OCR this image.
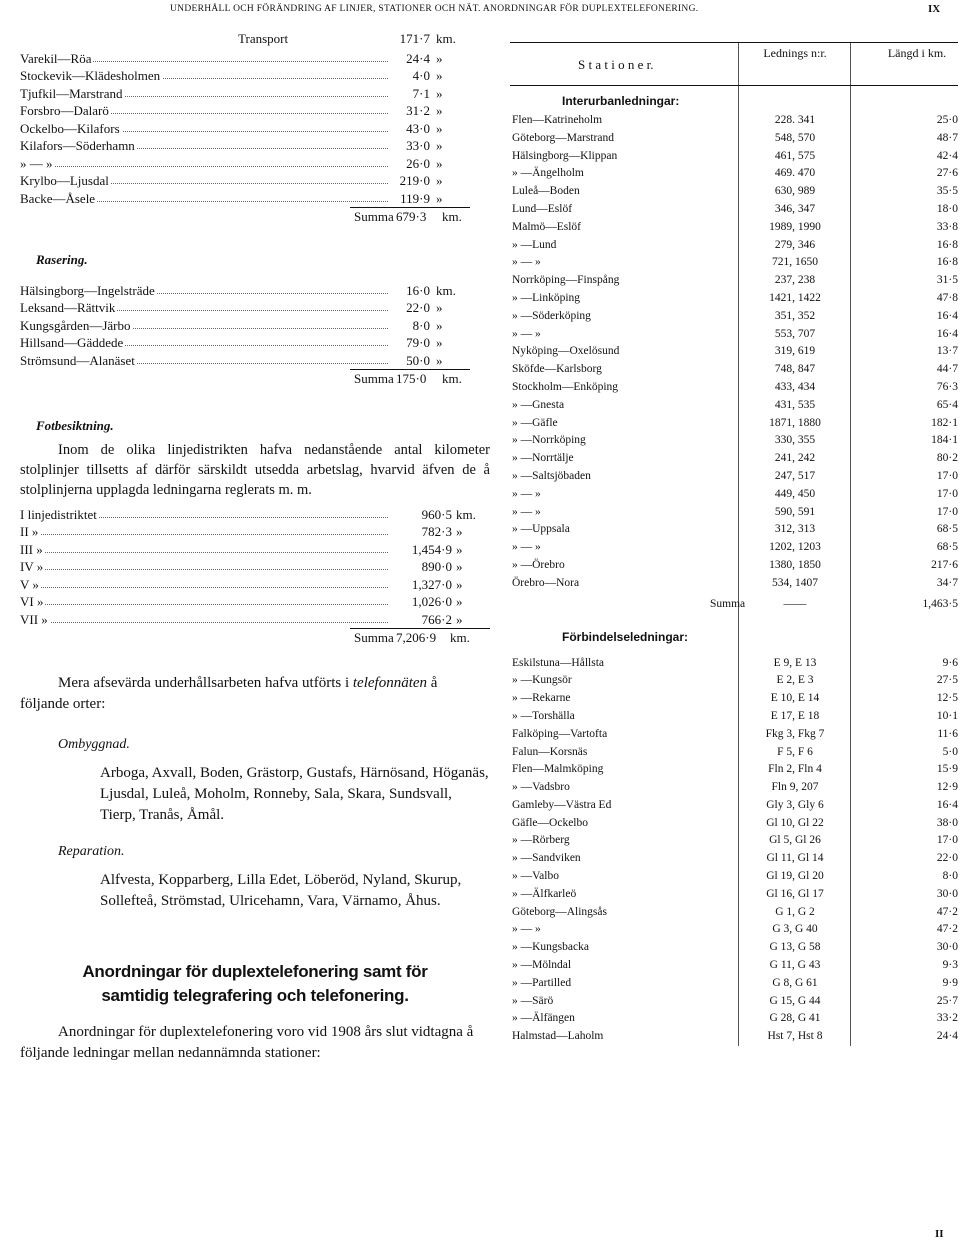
UNDERHÅLL OCH FÖRÄNDRING AF LINJER, STATIONER OCH NÄT. ANORDNINGAR FÖR DUPLEXTELEFONERING.	IX
Transport	171·7 km.
Varekil—Röa	24·4 »
Stockevik—Klädesholmen	4·0 »
Tjufkil—Marstrand	7·1 »
Forsbro—Dalarö	31·2 »
Ockelbo—Kilafors	43·0 »
Kilafors—Söderhamn	33·0 »
» — »	26·0 »
Krylbo—Ljusdal	219·0 »
Backe—Åsele	119·9 »
Summa 679·3 km.
Rasering.
Hälsingborg—Ingelsträde	16·0 km.
Leksand—Rättvik	22·0 »
Kungsgården—Järbo	8·0 »
Hillsand—Gäddede	79·0 »
Strömsund—Alanäset	50·0 »
Summa 175·0 km.
Fotbesiktning.
Inom de olika linjedistrikten hafva nedanstående antal kilometer stolplinjer tillsetts af därför särskildt utsedda arbetslag, hvarvid äfven de å stolplinjerna upplagda ledningarna reglerats m. m.
I linjedistriktet	960·5 km.
II »	782·3 »
III »	1,454·9 »
IV »	890·0 »
V »	1,327·0 »
VI »	1,026·0 »
VII »	766·2 »
Summa 7,206·9 km.
Mera afsevärda underhållsarbeten hafva utförts i telefonnäten å följande orter:
Ombyggnad.
Arboga, Axvall, Boden, Grästorp, Gustafs, Härnösand, Höganäs, Ljusdal, Luleå, Moholm, Ronneby, Sala, Skara, Sundsvall, Tierp, Tranås, Åmål.
Reparation.
Alfvesta, Kopparberg, Lilla Edet, Löberöd, Nyland, Skurup, Sollefteå, Strömstad, Ulricehamn, Vara, Värnamo, Åhus.
Anordningar för duplextelefonering samt för samtidig telegrafering och telefonering.
Anordningar för duplextelefonering voro vid 1908 års slut vidtagna å följande ledningar mellan nedannämnda stationer:
S t a t i o n e r.
Lednings n:r.	Längd i km.
Interurbanledningar:
Flen—Katrineholm	228. 341	25·0
Göteborg—Marstrand	548, 570	48·7
Hälsingborg—Klippan	461, 575	42·4
» —Ängelholm	469. 470	27·6
Luleå—Boden	630, 989	35·5
Lund—Eslöf	346, 347	18·0
Malmö—Eslöf	1989, 1990	33·8
» —Lund	279, 346	16·8
» — »	721, 1650	16·8
Norrköping—Finspång	237, 238	31·5
» —Linköping	1421, 1422	47·8
» —Söderköping	351, 352	16·4
» — »	553, 707	16·4
Nyköping—Oxelösund	319, 619	13·7
Sköfde—Karlsborg	748, 847	44·7
Stockholm—Enköping	433, 434	76·3
» —Gnesta	431, 535	65·4
» —Gäfle	1871, 1880	182·1
» —Norrköping	330, 355	184·1
» —Norrtälje	241, 242	80·2
» —Saltsjöbaden	247, 517	17·0
» — »	449, 450	17·0
» — »	590, 591	17·0
» —Uppsala	312, 313	68·5
» — »	1202, 1203	68·5
» —Örebro	1380, 1850	217·6
Örebro—Nora	534, 1407	34·7
Summa	——	1,463·5
Förbindelseledningar:
Eskilstuna—Hållsta	E 9, E 13	9·6
» —Kungsör	E 2, E 3	27·5
» —Rekarne	E 10, E 14	12·5
» —Torshälla	E 17, E 18	10·1
Falköping—Vartofta	Fkg 3, Fkg 7	11·6
Falun—Korsnäs	F 5, F 6	5·0
Flen—Malmköping	Fln 2, Fln 4	15·9
» —Vadsbro	Fln 9, 207	12·9
Gamleby—Västra Ed	Gly 3, Gly 6	16·4
Gäfle—Ockelbo	Gl 10, Gl 22	38·0
» —Rörberg	Gl 5, Gl 26	17·0
» —Sandviken	Gl 11, Gl 14	22·0
» —Valbo	Gl 19, Gl 20	8·0
» —Älfkarleö	Gl 16, Gl 17	30·0
Göteborg—Alingsås	G 1, G 2	47·2
» — »	G 3, G 40	47·2
» —Kungsbacka	G 13, G 58	30·0
» —Mölndal	G 11, G 43	9·3
» —Partilled	G 8, G 61	9·9
» —Särö	G 15, G 44	25·7
» —Älfängen	G 28, G 41	33·2
Halmstad—Laholm	Hst 7, Hst 8	24·4
II
